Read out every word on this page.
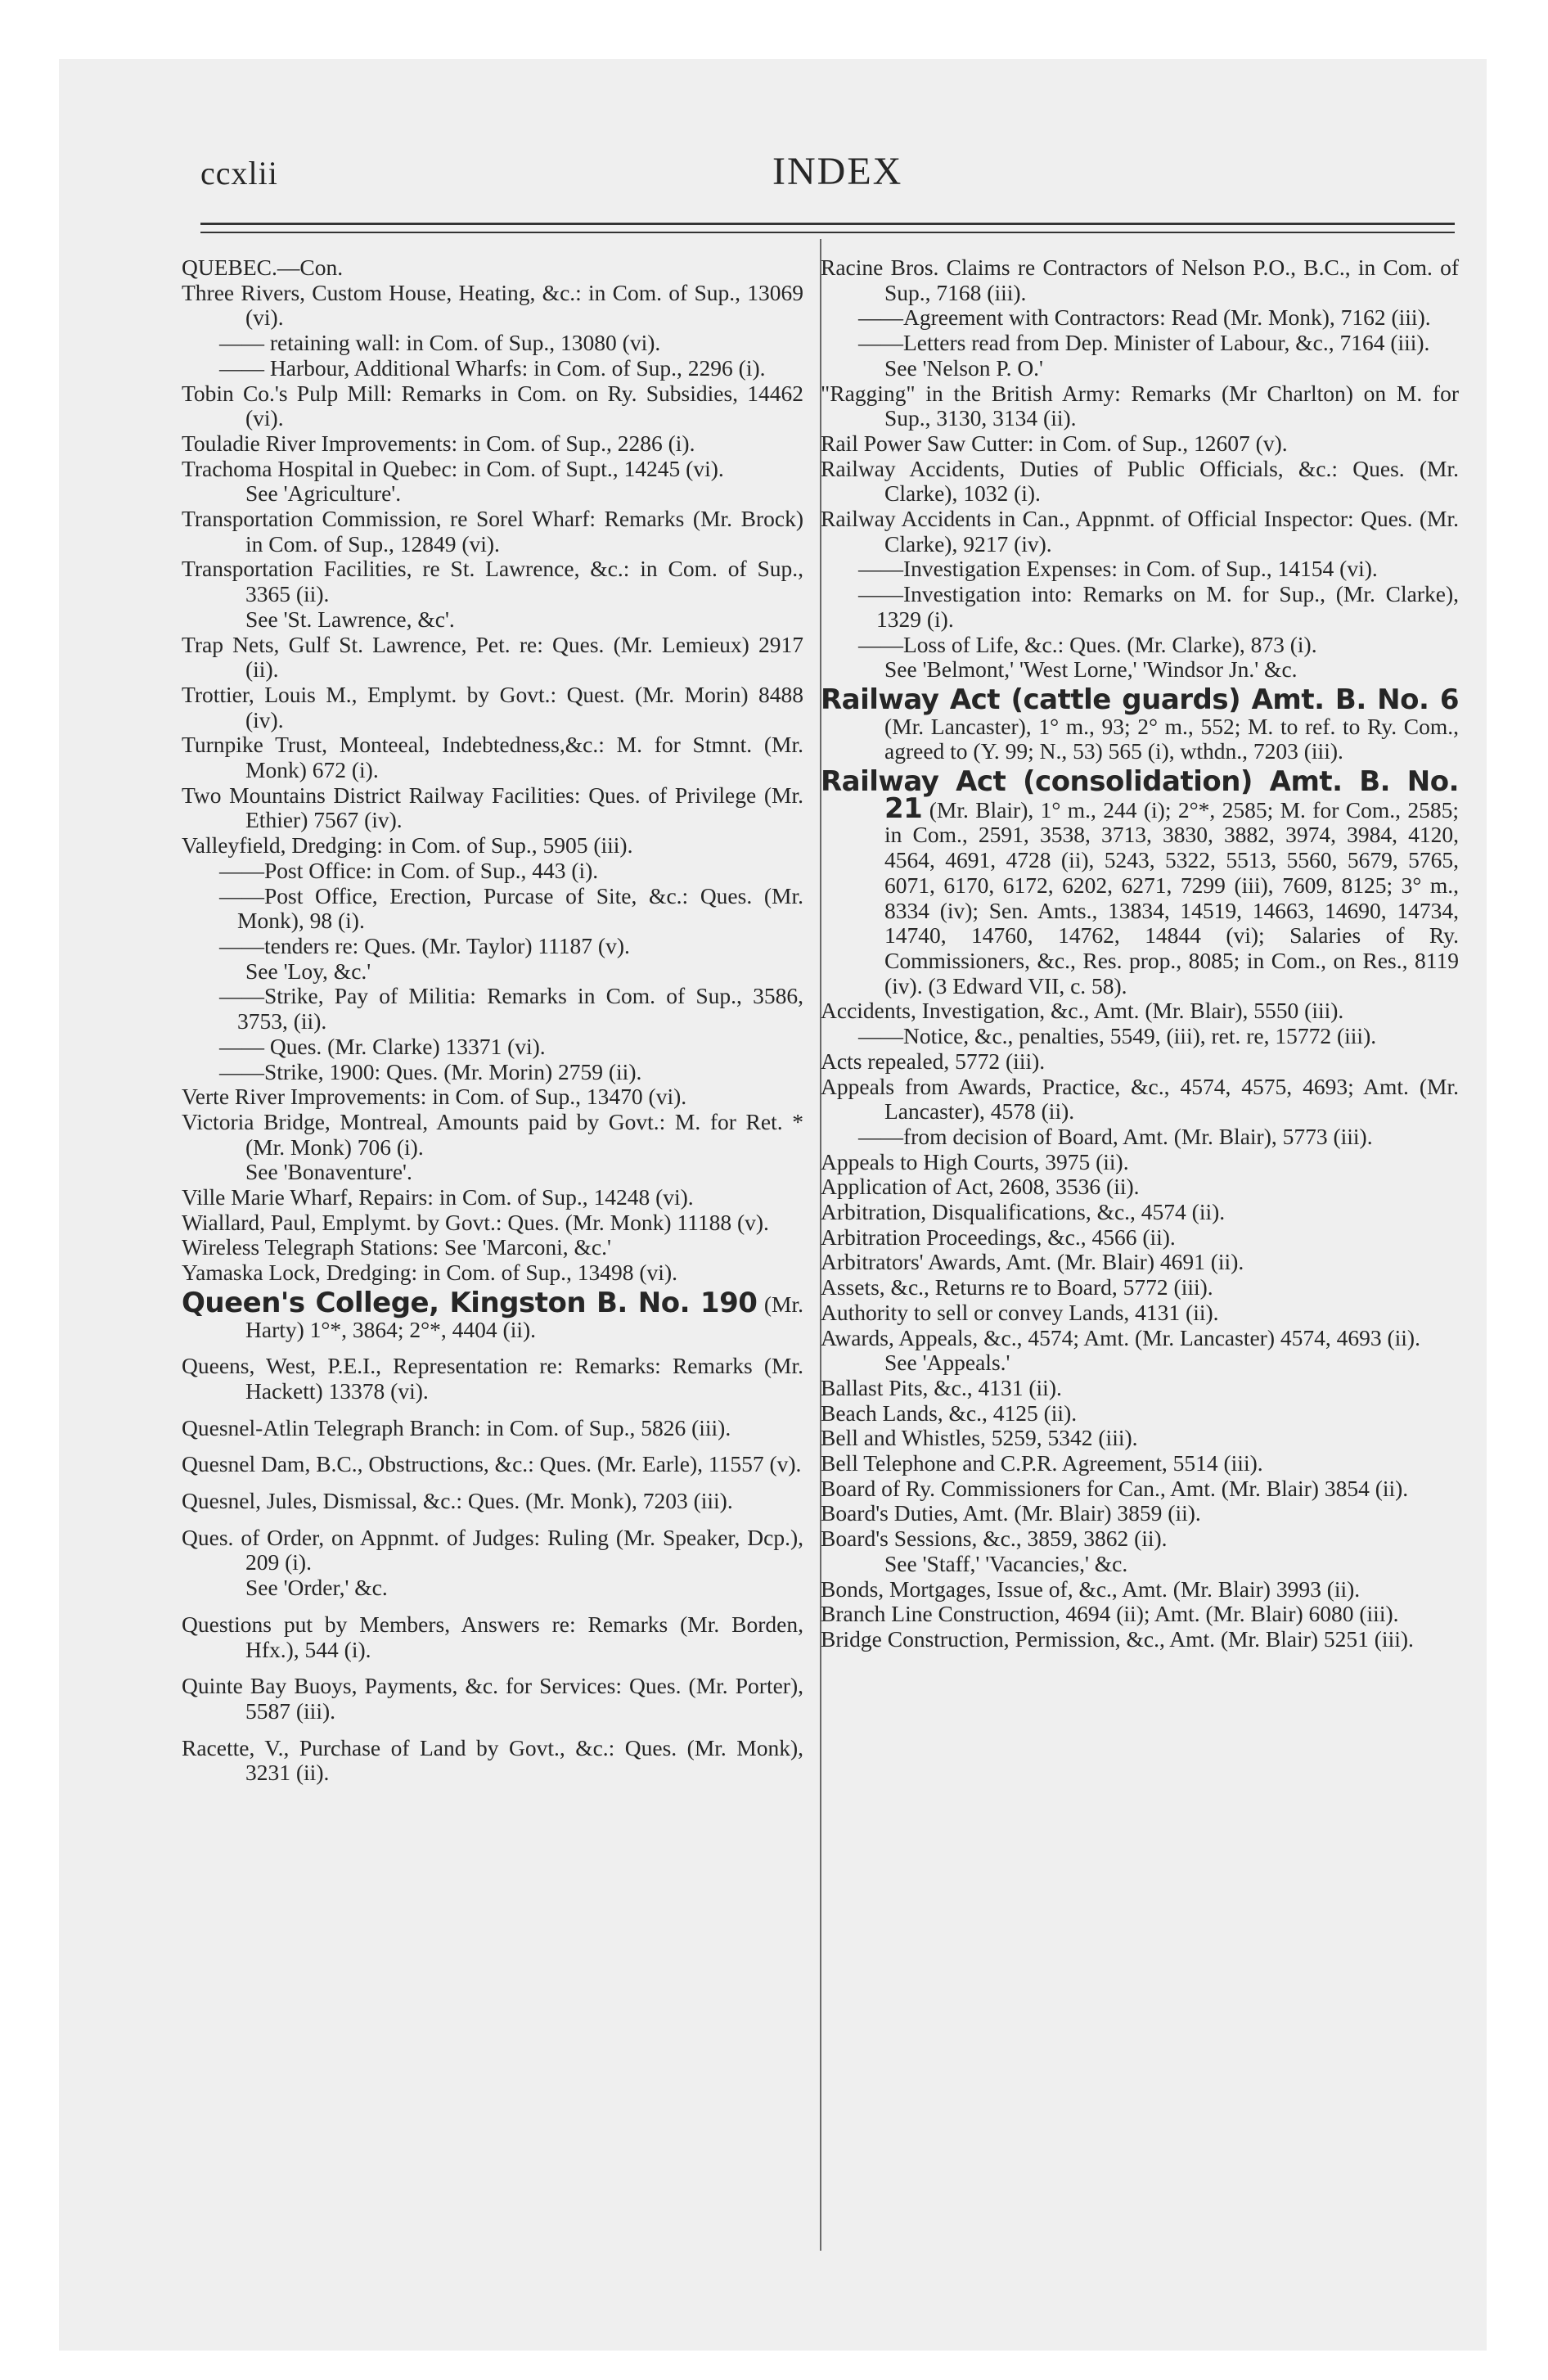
ccxlii	INDEX
QUEBEC.—Con.
Three Rivers, Custom House, Heating, &c.: in Com. of Sup., 13069 (vi).
—— retaining wall: in Com. of Sup., 13080 (vi).
—— Harbour, Additional Wharfs: in Com. of Sup., 2296 (i).
Tobin Co.'s Pulp Mill: Remarks in Com. on Ry. Subsidies, 14462 (vi).
Touladie River Improvements: in Com. of Sup., 2286 (i).
Trachoma Hospital in Quebec: in Com. of Supt., 14245 (vi).
See 'Agriculture'.
Transportation Commission, re Sorel Wharf: Remarks (Mr. Brock) in Com. of Sup., 12849 (vi).
Transportation Facilities, re St. Lawrence, &c.: in Com. of Sup., 3365 (ii).
See 'St. Lawrence, &c'.
Trap Nets, Gulf St. Lawrence, Pet. re: Ques. (Mr. Lemieux) 2917 (ii).
Trottier, Louis M., Emplymt. by Govt.: Quest. (Mr. Morin) 8488 (iv).
Turnpike Trust, Monteeal, Indebtedness,&c.: M. for Stmnt. (Mr. Monk) 672 (i).
Two Mountains District Railway Facilities: Ques. of Privilege (Mr. Ethier) 7567 (iv).
Valleyfield, Dredging: in Com. of Sup., 5905 (iii).
——Post Office: in Com. of Sup., 443 (i).
——Post Office, Erection, Purcase of Site, &c.: Ques. (Mr. Monk), 98 (i).
——tenders re: Ques. (Mr. Taylor) 11187 (v).
See 'Loy, &c.'
——Strike, Pay of Militia: Remarks in Com. of Sup., 3586, 3753, (ii).
—— Ques. (Mr. Clarke) 13371 (vi).
——Strike, 1900: Ques. (Mr. Morin) 2759 (ii).
Verte River Improvements: in Com. of Sup., 13470 (vi).
Victoria Bridge, Montreal, Amounts paid by Govt.: M. for Ret. *(Mr. Monk) 706 (i).
See 'Bonaventure'.
Ville Marie Wharf, Repairs: in Com. of Sup., 14248 (vi).
Wiallard, Paul, Emplymt. by Govt.: Ques. (Mr. Monk) 11188 (v).
Wireless Telegraph Stations: See 'Marconi, &c.'
Yamaska Lock, Dredging: in Com. of Sup., 13498 (vi).
Queen's College, Kingston B. No. 190 (Mr. Harty) 1°*, 3864; 2°*, 4404 (ii).
Queens, West, P.E.I., Representation re: Remarks: Remarks (Mr. Hackett) 13378 (vi).
Quesnel-Atlin Telegraph Branch: in Com. of Sup., 5826 (iii).
Quesnel Dam, B.C., Obstructions, &c.: Ques. (Mr. Earle), 11557 (v).
Quesnel, Jules, Dismissal, &c.: Ques. (Mr. Monk), 7203 (iii).
Ques. of Order, on Appnmt. of Judges: Ruling (Mr. Speaker, Dcp.), 209 (i).
See 'Order,' &c.
Questions put by Members, Answers re: Remarks (Mr. Borden, Hfx.), 544 (i).
Quinte Bay Buoys, Payments, &c. for Services: Ques. (Mr. Porter), 5587 (iii).
Racette, V., Purchase of Land by Govt., &c.: Ques. (Mr. Monk), 3231 (ii).
Racine Bros. Claims re Contractors of Nelson P.O., B.C., in Com. of Sup., 7168 (iii).
——Agreement with Contractors: Read (Mr. Monk), 7162 (iii).
——Letters read from Dep. Minister of Labour, &c., 7164 (iii).
See 'Nelson P. O.'
"Ragging" in the British Army: Remarks (Mr Charlton) on M. for Sup., 3130, 3134 (ii).
Rail Power Saw Cutter: in Com. of Sup., 12607 (v).
Railway Accidents, Duties of Public Officials, &c.: Ques. (Mr. Clarke), 1032 (i).
Railway Accidents in Can., Appnmt. of Official Inspector: Ques. (Mr. Clarke), 9217 (iv).
——Investigation Expenses: in Com. of Sup., 14154 (vi).
——Investigation into: Remarks on M. for Sup., (Mr. Clarke), 1329 (i).
——Loss of Life, &c.: Ques. (Mr. Clarke), 873 (i).
See 'Belmont,' 'West Lorne,' 'Windsor Jn.' &c.
Railway Act (cattle guards) Amt. B. No. 6 (Mr. Lancaster), 1° m., 93; 2° m., 552; M. to ref. to Ry. Com., agreed to (Y. 99; N., 53) 565 (i), wthdn., 7203 (iii).
Railway Act (consolidation) Amt. B. No. 21 (Mr. Blair), 1° m., 244 (i); 2°*, 2585; M. for Com., 2585; in Com., 2591, 3538, 3713, 3830, 3882, 3974, 3984, 4120, 4564, 4691, 4728 (ii), 5243, 5322, 5513, 5560, 5679, 5765, 6071, 6170, 6172, 6202, 6271, 7299 (iii), 7609, 8125; 3° m., 8334 (iv); Sen. Amts., 13834, 14519, 14663, 14690, 14734, 14740, 14760, 14762, 14844 (vi); Salaries of Ry. Commissioners, &c., Res. prop., 8085; in Com., on Res., 8119 (iv). (3 Edward VII, c. 58).
Accidents, Investigation, &c., Amt. (Mr. Blair), 5550 (iii).
——Notice, &c., penalties, 5549, (iii), ret. re, 15772 (iii).
Acts repealed, 5772 (iii).
Appeals from Awards, Practice, &c., 4574, 4575, 4693; Amt. (Mr. Lancaster), 4578 (ii).
——from decision of Board, Amt. (Mr. Blair), 5773 (iii).
Appeals to High Courts, 3975 (ii).
Application of Act, 2608, 3536 (ii).
Arbitration, Disqualifications, &c., 4574 (ii).
Arbitration Proceedings, &c., 4566 (ii).
Arbitrators' Awards, Amt. (Mr. Blair) 4691 (ii).
Assets, &c., Returns re to Board, 5772 (iii).
Authority to sell or convey Lands, 4131 (ii).
Awards, Appeals, &c., 4574; Amt. (Mr. Lancaster) 4574, 4693 (ii).
See 'Appeals.'
Ballast Pits, &c., 4131 (ii).
Beach Lands, &c., 4125 (ii).
Bell and Whistles, 5259, 5342 (iii).
Bell Telephone and C.P.R. Agreement, 5514 (iii).
Board of Ry. Commissioners for Can., Amt. (Mr. Blair) 3854 (ii).
Board's Duties, Amt. (Mr. Blair) 3859 (ii).
Board's Sessions, &c., 3859, 3862 (ii).
See 'Staff,' 'Vacancies,' &c.
Bonds, Mortgages, Issue of, &c., Amt. (Mr. Blair) 3993 (ii).
Branch Line Construction, 4694 (ii); Amt. (Mr. Blair) 6080 (iii).
Bridge Construction, Permission, &c., Amt. (Mr. Blair) 5251 (iii).
